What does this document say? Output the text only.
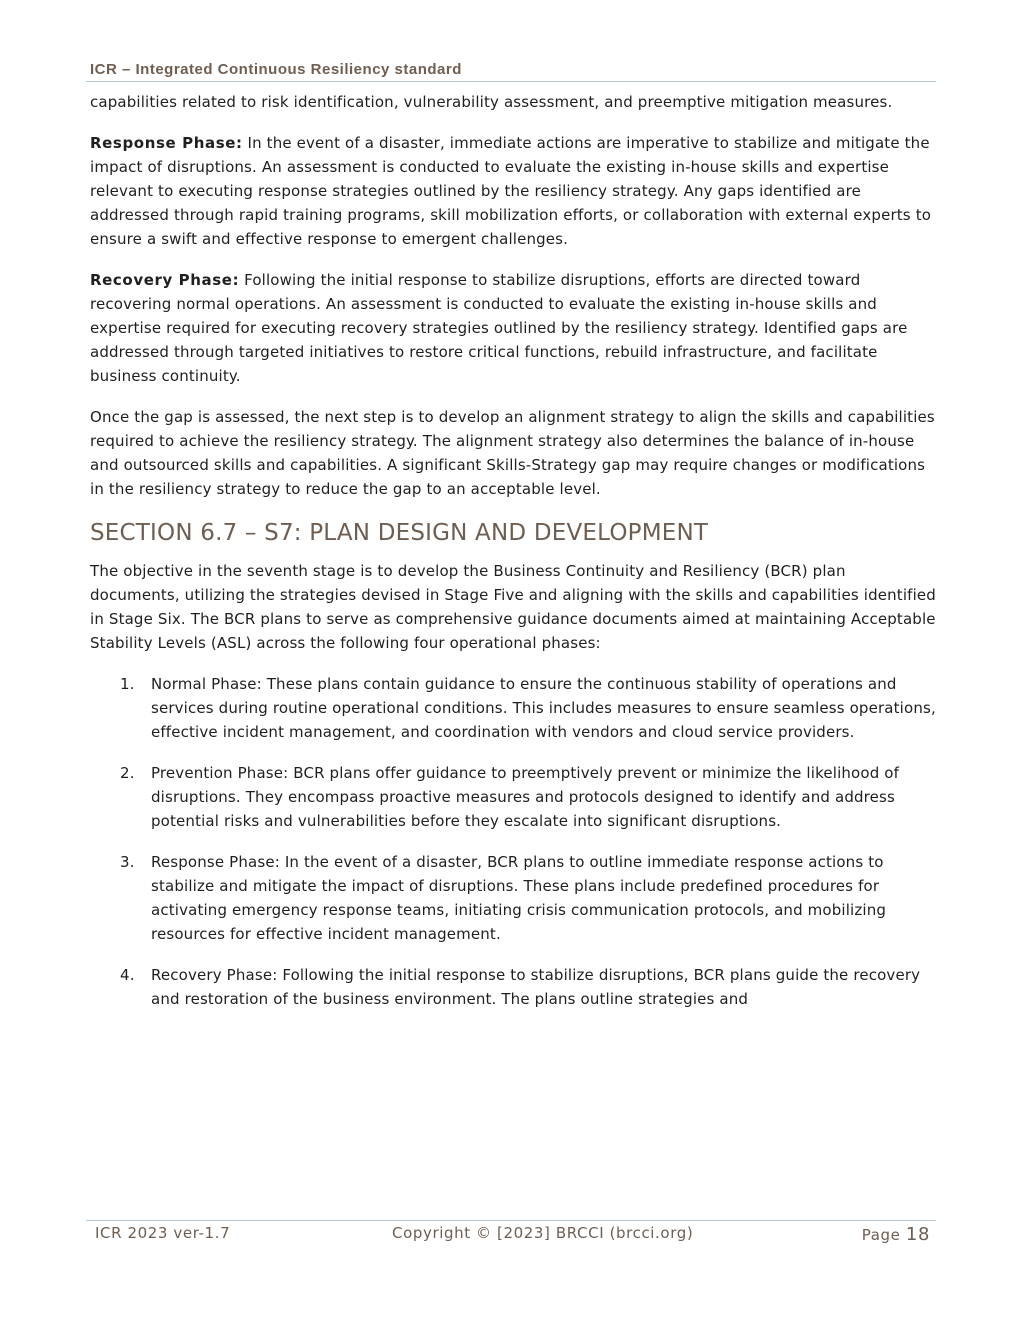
ICR – Integrated Continuous Resiliency standard

capabilities related to risk identification, vulnerability assessment, and preemptive mitigation measures.

Response Phase: In the event of a disaster, immediate actions are imperative to stabilize and mitigate the impact of disruptions. An assessment is conducted to evaluate the existing in-house skills and expertise relevant to executing response strategies outlined by the resiliency strategy. Any gaps identified are addressed through rapid training programs, skill mobilization efforts, or collaboration with external experts to ensure a swift and effective response to emergent challenges.

Recovery Phase: Following the initial response to stabilize disruptions, efforts are directed toward recovering normal operations. An assessment is conducted to evaluate the existing in-house skills and expertise required for executing recovery strategies outlined by the resiliency strategy. Identified gaps are addressed through targeted initiatives to restore critical functions, rebuild infrastructure, and facilitate business continuity.

Once the gap is assessed, the next step is to develop an alignment strategy to align the skills and capabilities required to achieve the resiliency strategy. The alignment strategy also determines the balance of in-house and outsourced skills and capabilities. A significant Skills-Strategy gap may require changes or modifications in the resiliency strategy to reduce the gap to an acceptable level.

SECTION 6.7 – S7: PLAN DESIGN AND DEVELOPMENT

The objective in the seventh stage is to develop the Business Continuity and Resiliency (BCR) plan documents, utilizing the strategies devised in Stage Five and aligning with the skills and capabilities identified in Stage Six. The BCR plans to serve as comprehensive guidance documents aimed at maintaining Acceptable Stability Levels (ASL) across the following four operational phases:

1. Normal Phase: These plans contain guidance to ensure the continuous stability of operations and services during routine operational conditions. This includes measures to ensure seamless operations, effective incident management, and coordination with vendors and cloud service providers.
2. Prevention Phase: BCR plans offer guidance to preemptively prevent or minimize the likelihood of disruptions. They encompass proactive measures and protocols designed to identify and address potential risks and vulnerabilities before they escalate into significant disruptions.
3. Response Phase: In the event of a disaster, BCR plans to outline immediate response actions to stabilize and mitigate the impact of disruptions. These plans include predefined procedures for activating emergency response teams, initiating crisis communication protocols, and mobilizing resources for effective incident management.
4. Recovery Phase: Following the initial response to stabilize disruptions, BCR plans guide the recovery and restoration of the business environment. The plans outline strategies and
ICR 2023 ver-1.7	Copyright © [2023] BRCCI (brcci.org)	Page 18
